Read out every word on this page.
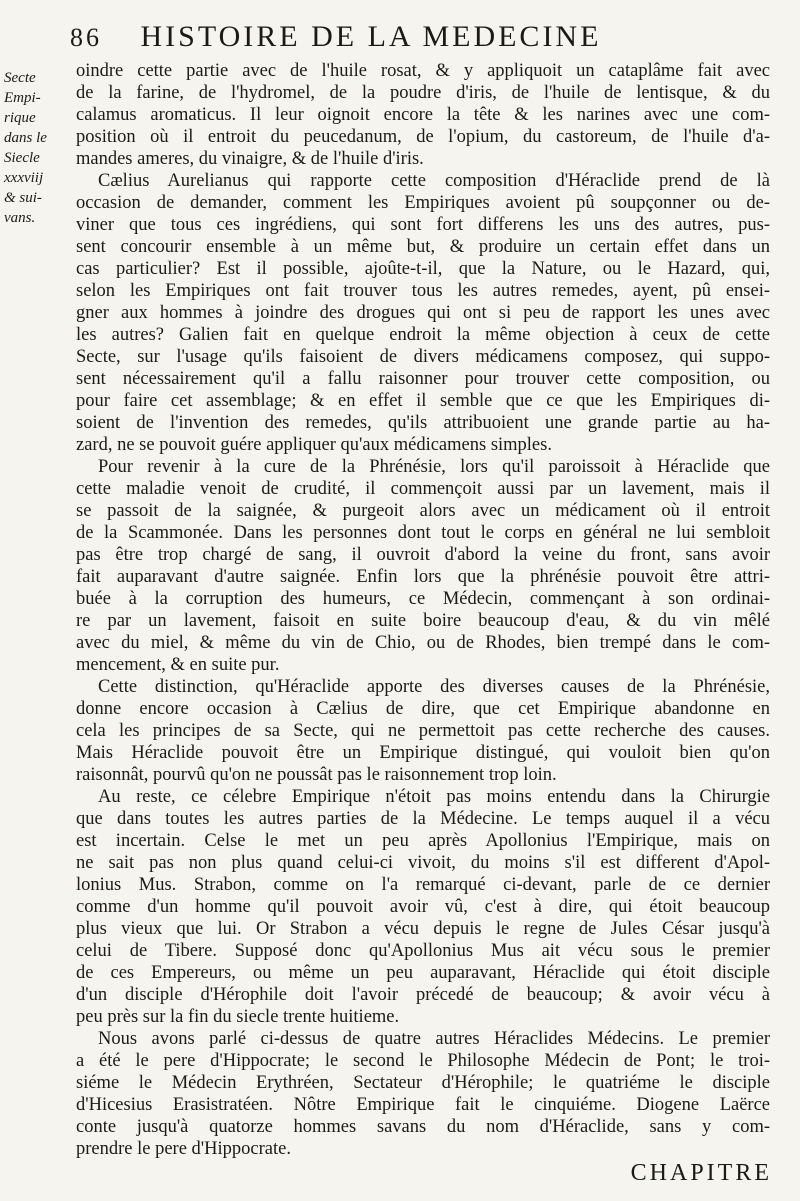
86 HISTOIRE DE LA MEDECINE
Secte
Empi-
rique
dans le
Siecle
xxxviij
& sui-
vans.
oindre cette partie avec de l'huile rosat, & y appliquoit un cataplâme fait avec
de la farine, de l'hydromel, de la poudre d'iris, de l'huile de lentisque, & du
calamus aromaticus. Il leur oignoit encore la tête & les narines avec une com-
position où il entroit du peucedanum, de l'opium, du castoreum, de l'huile d'a-
mandes ameres, du vinaigre, & de l'huile d'iris.
Cælius Aurelianus qui rapporte cette composition d'Héraclide prend de là
occasion de demander, comment les Empiriques avoient pû soupçonner ou de-
viner que tous ces ingrédiens, qui sont fort differens les uns des autres, pus-
sent concourir ensemble à un même but, & produire un certain effet dans un
cas particulier? Est il possible, ajoûte-t-il, que la Nature, ou le Hazard, qui,
selon les Empiriques ont fait trouver tous les autres remedes, ayent, pû ensei-
gner aux hommes à joindre des drogues qui ont si peu de rapport les unes avec
les autres? Galien fait en quelque endroit la même objection à ceux de cette
Secte, sur l'usage qu'ils faisoient de divers médicamens composez, qui suppo-
sent nécessairement qu'il a fallu raisonner pour trouver cette composition, ou
pour faire cet assemblage; & en effet il semble que ce que les Empiriques di-
soient de l'invention des remedes, qu'ils attribuoient une grande partie au ha-
zard, ne se pouvoit guére appliquer qu'aux médicamens simples.
Pour revenir à la cure de la Phrénésie, lors qu'il paroissoit à Héraclide que
cette maladie venoit de crudité, il commençoit aussi par un lavement, mais il
se passoit de la saignée, & purgeoit alors avec un médicament où il entroit
de la Scammonée. Dans les personnes dont tout le corps en général ne lui sembloit
pas être trop chargé de sang, il ouvroit d'abord la veine du front, sans avoir
fait auparavant d'autre saignée. Enfin lors que la phrénésie pouvoit être attri-
buée à la corruption des humeurs, ce Médecin, commençant à son ordinai-
re par un lavement, faisoit en suite boire beaucoup d'eau, & du vin mêlé
avec du miel, & même du vin de Chio, ou de Rhodes, bien trempé dans le com-
mencement, & en suite pur.
Cette distinction, qu'Héraclide apporte des diverses causes de la Phrénésie,
donne encore occasion à Cælius de dire, que cet Empirique abandonne en
cela les principes de sa Secte, qui ne permettoit pas cette recherche des causes.
Mais Héraclide pouvoit être un Empirique distingué, qui vouloit bien qu'on
raisonnât, pourvû qu'on ne poussât pas le raisonnement trop loin.
Au reste, ce célebre Empirique n'étoit pas moins entendu dans la Chirurgie
que dans toutes les autres parties de la Médecine. Le temps auquel il a vécu
est incertain. Celse le met un peu après Apollonius l'Empirique, mais on
ne sait pas non plus quand celui-ci vivoit, du moins s'il est different d'Apol-
lonius Mus. Strabon, comme on l'a remarqué ci-devant, parle de ce dernier
comme d'un homme qu'il pouvoit avoir vû, c'est à dire, qui étoit beaucoup
plus vieux que lui. Or Strabon a vécu depuis le regne de Jules César jusqu'à
celui de Tibere. Supposé donc qu'Apollonius Mus ait vécu sous le premier
de ces Empereurs, ou même un peu auparavant, Héraclide qui étoit disciple
d'un disciple d'Hérophile doit l'avoir précedé de beaucoup; & avoir vécu à
peu près sur la fin du siecle trente huitieme.
Nous avons parlé ci-dessus de quatre autres Héraclides Médecins. Le premier
a été le pere d'Hippocrate; le second le Philosophe Médecin de Pont; le troi-
siéme le Médecin Erythréen, Sectateur d'Hérophile; le quatriéme le disciple
d'Hicesius Erasistratéen. Nôtre Empirique fait le cinquiéme. Diogene Laërce
conte jusqu'à quatorze hommes savans du nom d'Héraclide, sans y com-
prendre le pere d'Hippocrate.
CHAPITRE
